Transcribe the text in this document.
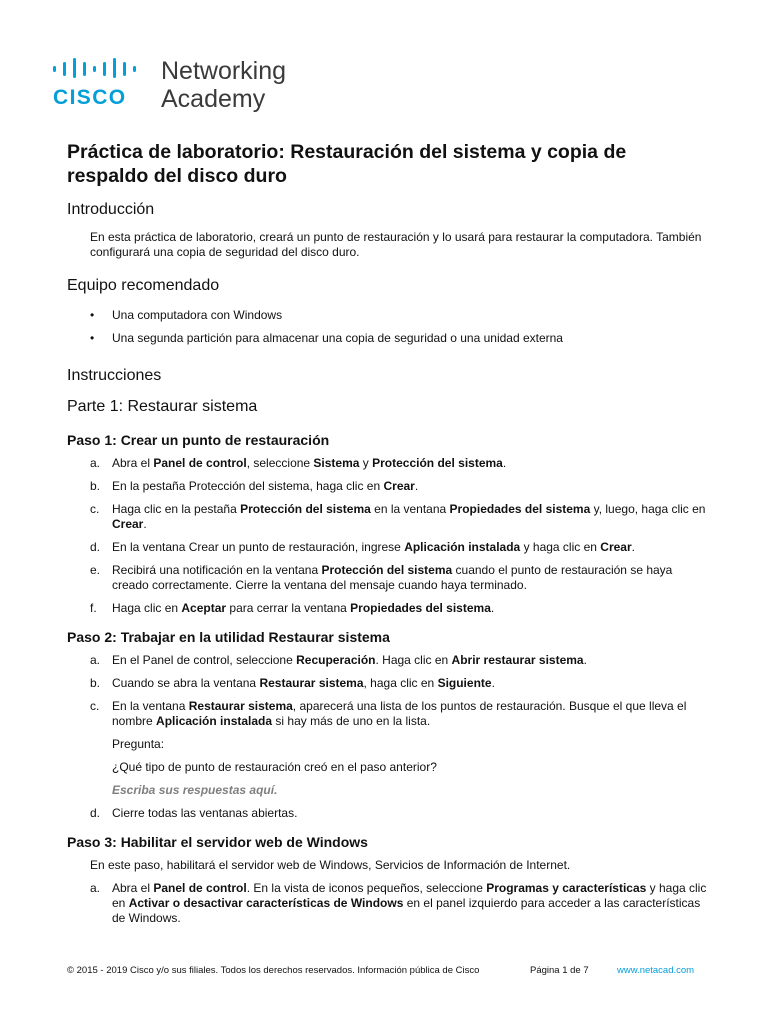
CISCO
Networking
Academy
Práctica de laboratorio: Restauración del sistema y copia de respaldo del disco duro
Introducción
En esta práctica de laboratorio, creará un punto de restauración y lo usará para restaurar la computadora. También configurará una copia de seguridad del disco duro.
Equipo recomendado
• Una computadora con Windows
• Una segunda partición para almacenar una copia de seguridad o una unidad externa
Instrucciones
Parte 1: Restaurar sistema
Paso 1: Crear un punto de restauración
a. Abra el Panel de control, seleccione Sistema y Protección del sistema.
b. En la pestaña Protección del sistema, haga clic en Crear.
c. Haga clic en la pestaña Protección del sistema en la ventana Propiedades del sistema y, luego, haga clic en Crear.
d. En la ventana Crear un punto de restauración, ingrese Aplicación instalada y haga clic en Crear.
e. Recibirá una notificación en la ventana Protección del sistema cuando el punto de restauración se haya creado correctamente. Cierre la ventana del mensaje cuando haya terminado.
f. Haga clic en Aceptar para cerrar la ventana Propiedades del sistema.
Paso 2: Trabajar en la utilidad Restaurar sistema
a. En el Panel de control, seleccione Recuperación. Haga clic en Abrir restaurar sistema.
b. Cuando se abra la ventana Restaurar sistema, haga clic en Siguiente.
c. En la ventana Restaurar sistema, aparecerá una lista de los puntos de restauración. Busque el que lleva el nombre Aplicación instalada si hay más de uno en la lista.
Pregunta:
¿Qué tipo de punto de restauración creó en el paso anterior?
Escriba sus respuestas aquí.
d. Cierre todas las ventanas abiertas.
Paso 3: Habilitar el servidor web de Windows
En este paso, habilitará el servidor web de Windows, Servicios de Información de Internet.
a. Abra el Panel de control. En la vista de iconos pequeños, seleccione Programas y características y haga clic en Activar o desactivar características de Windows en el panel izquierdo para acceder a las características de Windows.
© 2015 - 2019 Cisco y/o sus filiales. Todos los derechos reservados. Información pública de Cisco	Página 1 de 7	www.netacad.com
